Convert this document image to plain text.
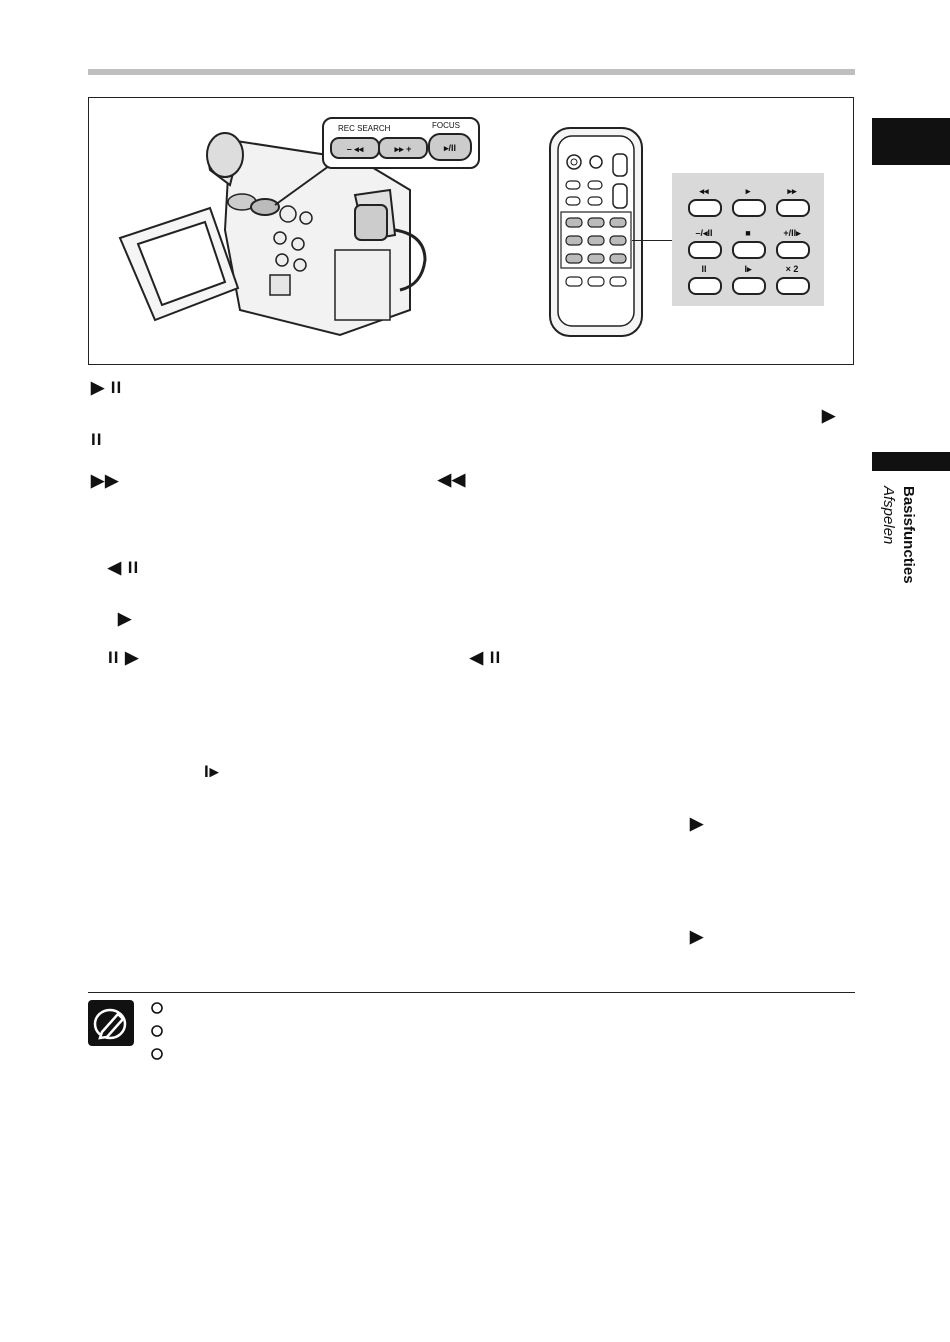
REC SEARCH	FOCUS
– ◂◂	▸▸ +	▸/II
◂◂	▸	▸▸
–/◂II	■	+/II▸
II	I▸	× 2
▶ II
▶
II
▶▶	◀◀
◀ II
▶
II ▶	◀ II
I▸
▶
▶
Basisfuncties
Afspelen
